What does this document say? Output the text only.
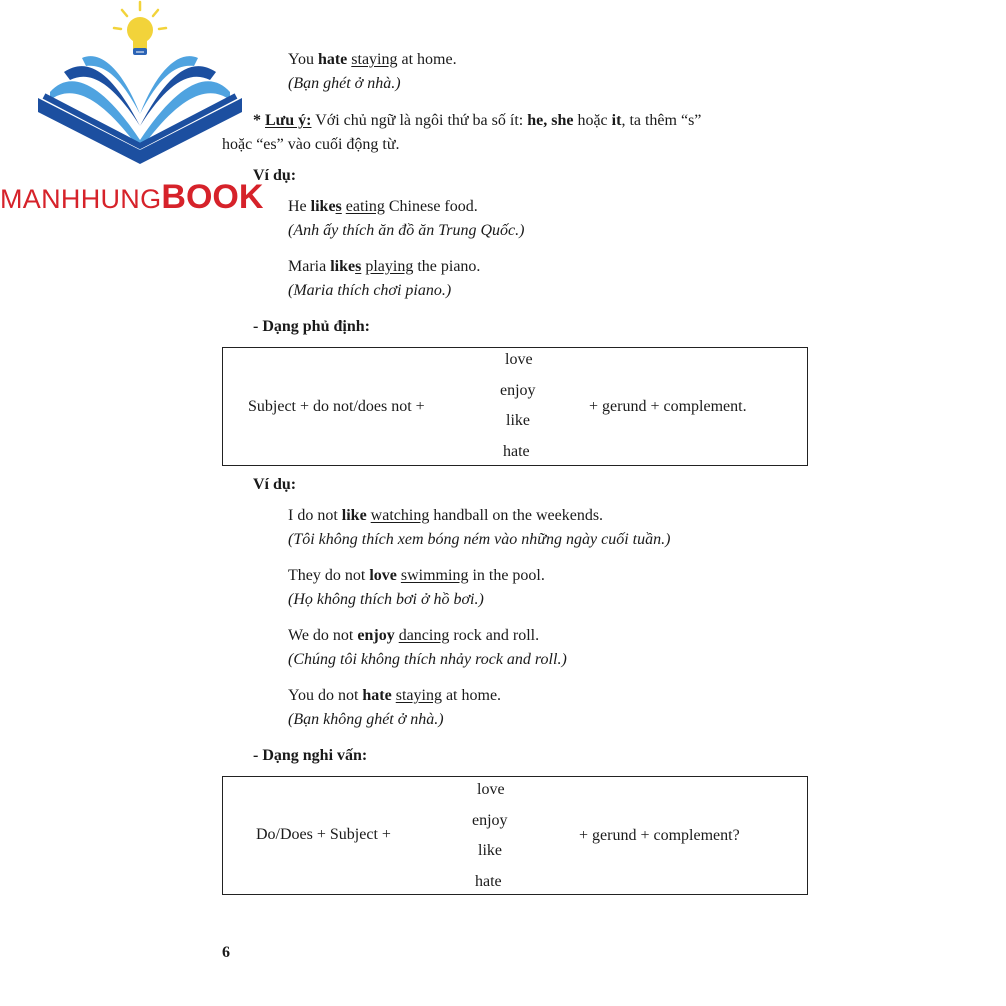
MANHHUNGBOOK
You hate staying at home.
(Bạn ghét ở nhà.)
* Lưu ý: Với chủ ngữ là ngôi thứ ba số ít: he, she hoặc it, ta thêm “s”
hoặc “es” vào cuối động từ.
Ví dụ:
He likes eating Chinese food.
(Anh ấy thích ăn đồ ăn Trung Quốc.)
Maria likes playing the piano.
(Maria thích chơi piano.)
- Dạng phủ định:
Subject + do not/does not +
love
enjoy
like
hate
+ gerund + complement.
Ví dụ:
I do not like watching handball on the weekends.
(Tôi không thích xem bóng ném vào những ngày cuối tuần.)
They do not love swimming in the pool.
(Họ không thích bơi ở hồ bơi.)
We do not enjoy dancing rock and roll.
(Chúng tôi không thích nhảy rock and roll.)
You do not hate staying at home.
(Bạn không ghét ở nhà.)
- Dạng nghi vấn:
Do/Does + Subject +
love
enjoy
like
hate
+ gerund + complement?
6
